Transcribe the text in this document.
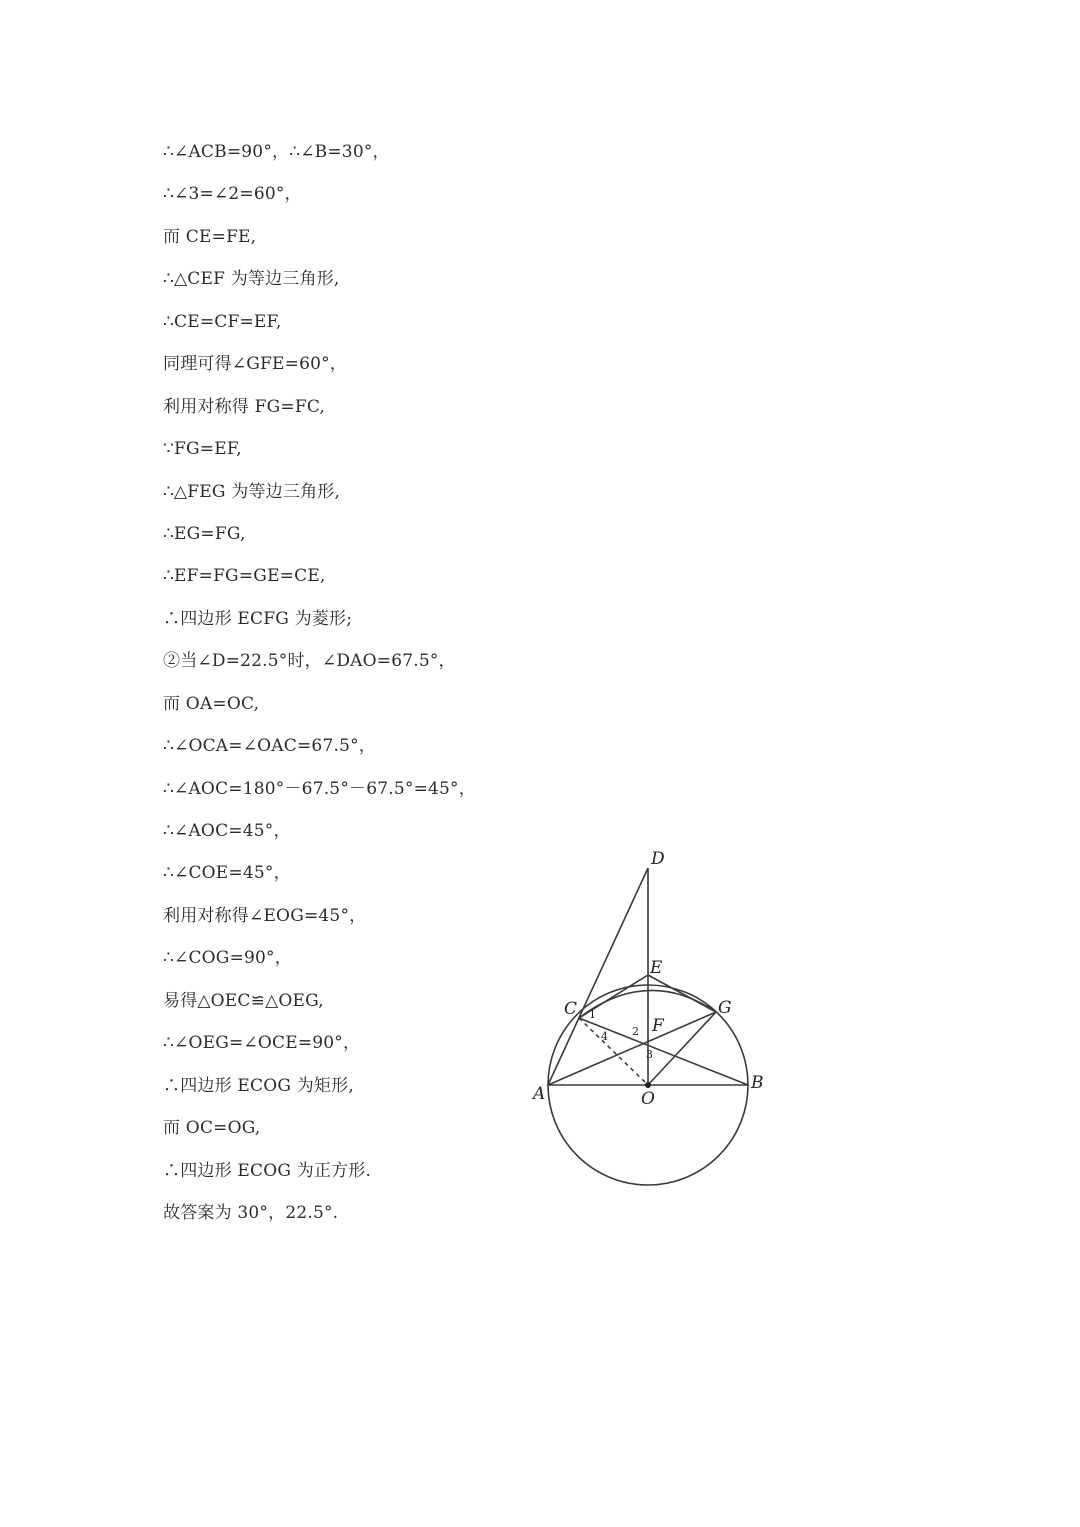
∴∠ACB=90°，∴∠B=30°，
∴∠3=∠2=60°，
而 CE=FE,
∴△CEF 为等边三角形,
∴CE=CF=EF,
同理可得∠GFE=60°，
利用对称得 FG=FC,
∵FG=EF,
∴△FEG 为等边三角形,
∴EG=FG,
∴EF=FG=GE=CE,
∴四边形 ECFG 为菱形;
②当∠D=22.5°时，∠DAO=67.5°，
而 OA=OC,
∴∠OCA=∠OAC=67.5°，
∴∠AOC=180°－67.5°－67.5°=45°，
∴∠AOC=45°，
∴∠COE=45°，
利用对称得∠EOG=45°，
∴∠COG=90°，
易得△OEC≌△OEG,
∴∠OEG=∠OCE=90°，
∴四边形 ECOG 为矩形,
而 OC=OG,
∴四边形 ECOG 为正方形.
故答案为 30°，22.5°.
D
E
C	G
F
A
B
O
1
2
3
4
